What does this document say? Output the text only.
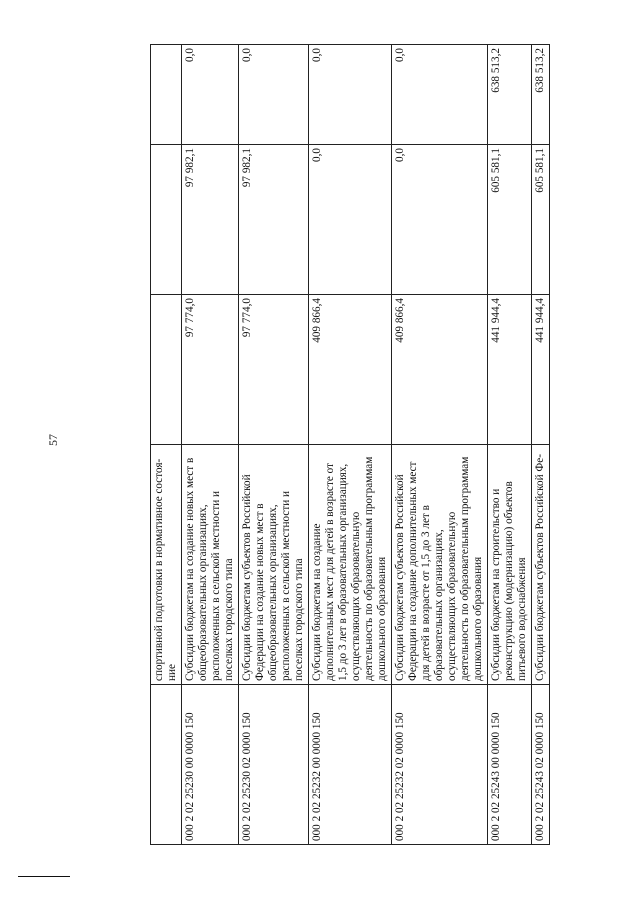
57
	спортивной подготовки в нормативное состоя-ние			
000 2 02 25230 00 0000 150	Субсидии бюджетам на создание новых мест в общеобразовательных организациях, расположенных в сельской местности и поселках городского типа	97 774,0	97 982,1	0,0
000 2 02 25230 02 0000 150	Субсидии бюджетам субъектов Российской Федерации на создание новых мест в общеобразовательных организациях, расположенных в сельской местности и поселках городского типа	97 774,0	97 982,1	0,0
000 2 02 25232 00 0000 150	Субсидии бюджетам на создание дополнительных мест для детей в возрасте от 1,5 до 3 лет в образовательных организациях, осуществляющих образовательную деятельность по образовательным программам дошкольного образования	409 866,4	0,0	0,0
000 2 02 25232 02 0000 150	Субсидии бюджетам субъектов Российской Федерации на создание дополнительных мест для детей в возрасте от 1,5 до 3 лет в образовательных организациях, осуществляющих образовательную деятельность по образовательным программам дошкольного образования	409 866,4	0,0	0,0
000 2 02 25243 00 0000 150	Субсидии бюджетам на строительство и реконструкцию (модернизацию) объектов питьевого водоснабжения	441 944,4	605 581,1	638 513,2
000 2 02 25243 02 0000 150	Субсидии бюджетам субъектов Российской Фе-	441 944,4	605 581,1	638 513,2
